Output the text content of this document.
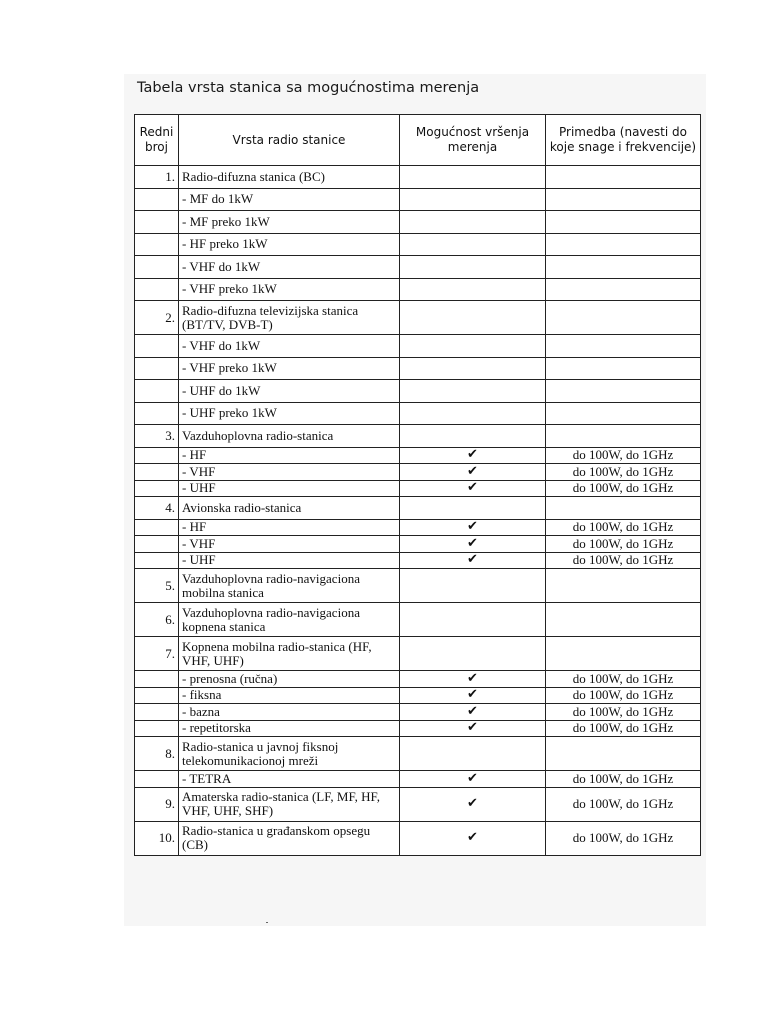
Tabela vrsta stanica sa mogućnostima merenja
Redni broj	Vrsta radio stanice	Mogućnost vršenja merenja	Primedba (navesti do koje snage i frekvencije)
1.	Radio-difuzna stanica (BC)		
	- MF do 1kW		
	- MF preko 1kW		
	- HF preko 1kW		
	- VHF do 1kW		
	- VHF preko 1kW		
2.	Radio-difuzna televizijska stanica (BT/TV, DVB-T)		
	- VHF do 1kW		
	- VHF preko 1kW		
	- UHF do 1kW		
	- UHF preko 1kW		
3.	Vazduhoplovna radio-stanica		
	- HF	✔	do 100W, do 1GHz
	- VHF	✔	do 100W, do 1GHz
	- UHF	✔	do 100W, do 1GHz
4.	Avionska radio-stanica		
	- HF	✔	do 100W, do 1GHz
	- VHF	✔	do 100W, do 1GHz
	- UHF	✔	do 100W, do 1GHz
5.	Vazduhoplovna radio-navigaciona mobilna stanica		
6.	Vazduhoplovna radio-navigaciona kopnena stanica		
7.	Kopnena mobilna radio-stanica (HF, VHF, UHF)		
	- prenosna (ručna)	✔	do 100W, do 1GHz
	- fiksna	✔	do 100W, do 1GHz
	- bazna	✔	do 100W, do 1GHz
	- repetitorska	✔	do 100W, do 1GHz
8.	Radio-stanica u javnoj fiksnoj telekomunikacionoj mreži		
	- TETRA	✔	do 100W, do 1GHz
9.	Amaterska radio-stanica (LF, MF, HF, VHF, UHF, SHF)	✔	do 100W, do 1GHz
10.	Radio-stanica u građanskom opsegu (CB)	✔	do 100W, do 1GHz
